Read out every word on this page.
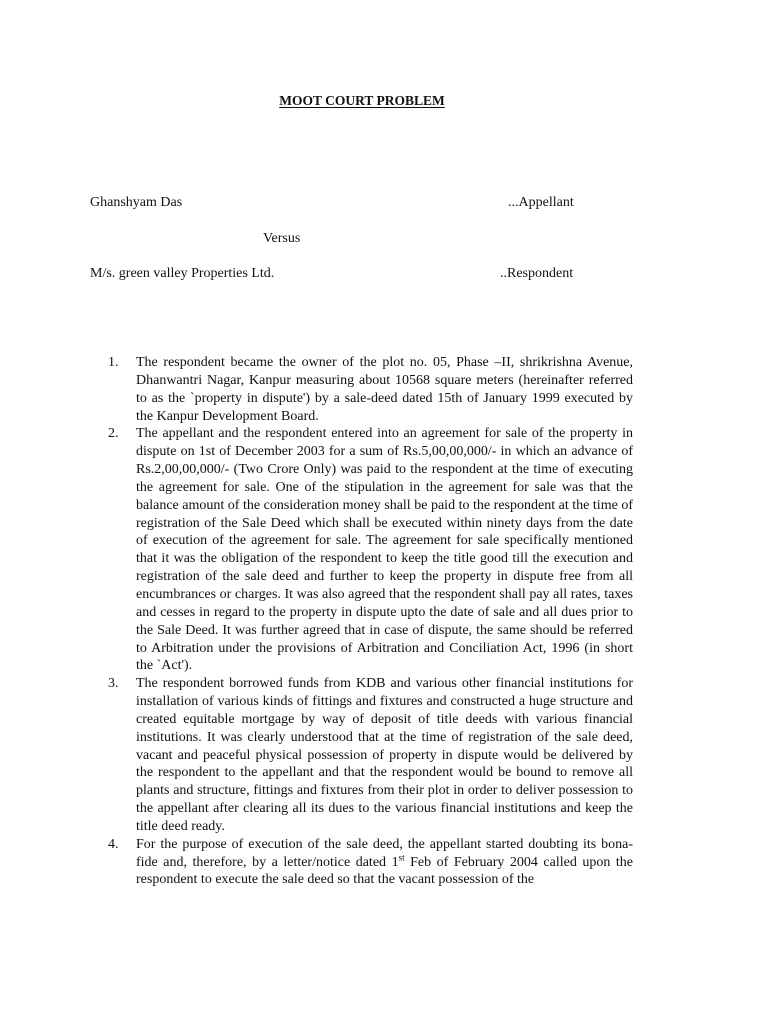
MOOT COURT PROBLEM
Ghanshyam Das	...Appellant
Versus
M/s. green valley Properties Ltd.	..Respondent
1. The respondent became the owner of the plot no. 05, Phase –II, shrikrishna Avenue, Dhanwantri Nagar, Kanpur measuring about 10568 square meters (hereinafter referred to as the `property in dispute') by a sale-deed dated 15th of January 1999 executed by the Kanpur Development Board.
2. The appellant and the respondent entered into an agreement for sale of the property in dispute on 1st of December 2003 for a sum of Rs.5,00,00,000/- in which an advance of Rs.2,00,00,000/- (Two Crore Only) was paid to the respondent at the time of executing the agreement for sale. One of the stipulation in the agreement for sale was that the balance amount of the consideration money shall be paid to the respondent at the time of registration of the Sale Deed which shall be executed within ninety days from the date of execution of the agreement for sale. The agreement for sale specifically mentioned that it was the obligation of the respondent to keep the title good till the execution and registration of the sale deed and further to keep the property in dispute free from all encumbrances or charges. It was also agreed that the respondent shall pay all rates, taxes and cesses in regard to the property in dispute upto the date of sale and all dues prior to the Sale Deed. It was further agreed that in case of dispute, the same should be referred to Arbitration under the provisions of Arbitration and Conciliation Act, 1996 (in short the `Act').
3. The respondent borrowed funds from KDB and various other financial institutions for installation of various kinds of fittings and fixtures and constructed a huge structure and created equitable mortgage by way of deposit of title deeds with various financial institutions. It was clearly understood that at the time of registration of the sale deed, vacant and peaceful physical possession of property in dispute would be delivered by the respondent to the appellant and that the respondent would be bound to remove all plants and structure, fittings and fixtures from their plot in order to deliver possession to the appellant after clearing all its dues to the various financial institutions and keep the title deed ready.
4. For the purpose of execution of the sale deed, the appellant started doubting its bona-fide and, therefore, by a letter/notice dated 1st Feb of February 2004 called upon the respondent to execute the sale deed so that the vacant possession of the
